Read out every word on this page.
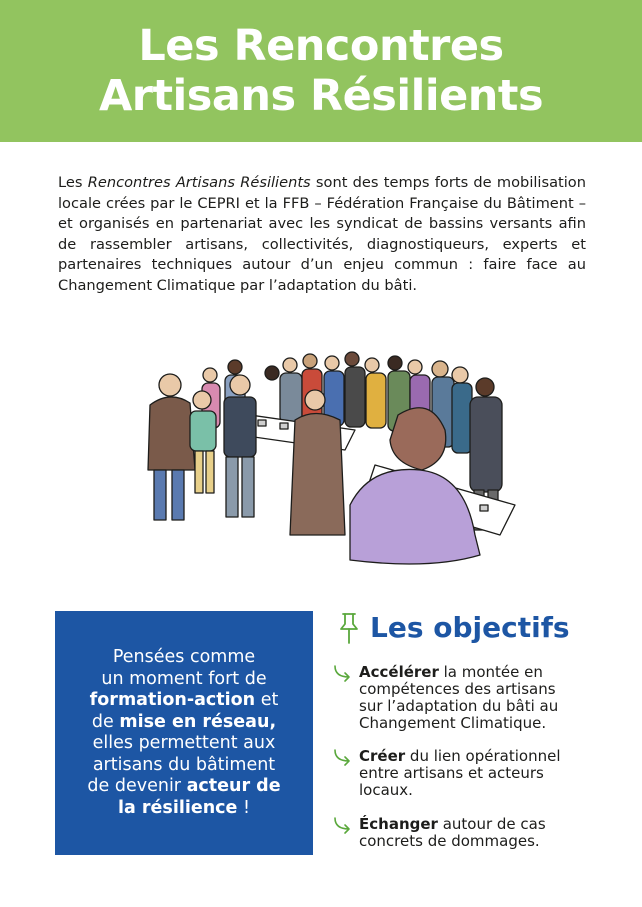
Les Rencontres
Artisans Résilients

Les Rencontres Artisans Résilients sont des temps forts de mobilisation locale crées par le CEPRI et la FFB – Fédération Française du Bâtiment – et organisés en partenariat avec les syndicat de bassins versants afin de rassembler artisans, collectivités, diagnostiqueurs, experts et partenaires techniques autour d’un enjeu commun : faire face au Changement Climatique par l’adaptation du bâti.

Pensées comme
un moment fort de
formation-action et
de mise en réseau,
elles permettent aux
artisans du bâtiment
de devenir acteur de
la résilience !
Les objectifs
Accélérer la montée en
compétences des artisans
sur l’adaptation du bâti au
Changement Climatique.
Créer du lien opérationnel
entre artisans et acteurs
locaux.
Échanger autour de cas
concrets de dommages.
